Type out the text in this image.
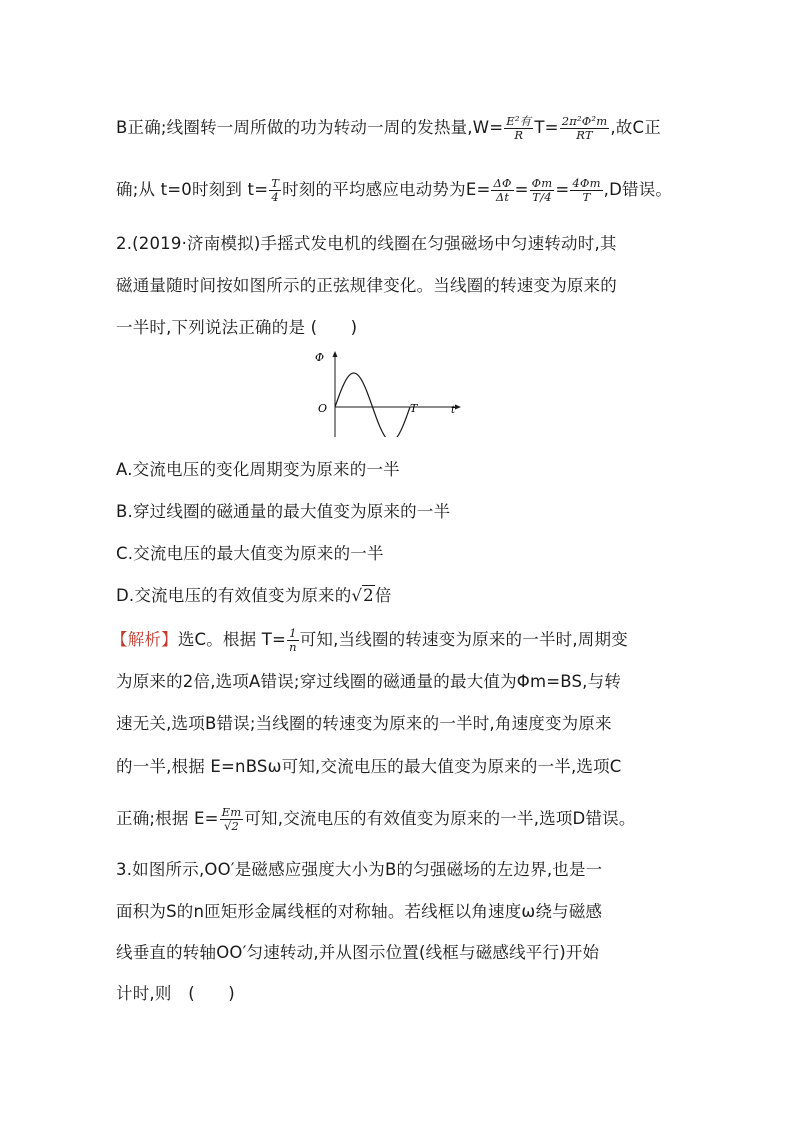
B正确;线圈转一周所做的功为转动一周的发热量$,W= \frac{\text{E²有}}{R} T= \frac{\text{2π²Φ²m}}{RT}$ ,故C正
确;从 t=0时刻到 $t= \frac{T}{4}$ 时刻的平均感应电动势为$E= \frac{\Delta\Phi}{\Delta t} = \frac{\Phi m}{T/4} = \frac{4\Phi m}{T} ,D$错误。
2.(2019·济南模拟)手摇式发电机的线圈在匀强磁场中匀速转动时,其
磁通量随时间按如图所示的正弦规律变化。当线圈的转速变为原来的
一半时,下列说法正确的是 (　　)
Φ
O	T	t
A.交流电压的变化周期变为原来的一半
B.穿过线圈的磁通量的最大值变为原来的一半
C.交流电压的最大值变为原来的一半
D.交流电压的有效值变为原来的√2倍
【解析】选C。根据 $T= \frac{1}{n}$ 可知,当线圈的转速变为原来的一半时,周期变
为原来的2倍,选项A错误;穿过线圈的磁通量的最大值为Φm=BS,与转
速无关,选项B错误;当线圈的转速变为原来的一半时,角速度变为原来
的一半,根据 E=nBSω可知,交流电压的最大值变为原来的一半,选项C
正确;根据 $E= \frac{Em}{√2}$ 可知,交流电压的有效值变为原来的一半,选项D错误。
3.如图所示,OO′是磁感应强度大小为B的匀强磁场的左边界,也是一
面积为S的n匝矩形金属线框的对称轴。若线框以角速度ω绕与磁感
线垂直的转轴OO′匀速转动,并从图示位置(线框与磁感线平行)开始
计时,则　(　　)
